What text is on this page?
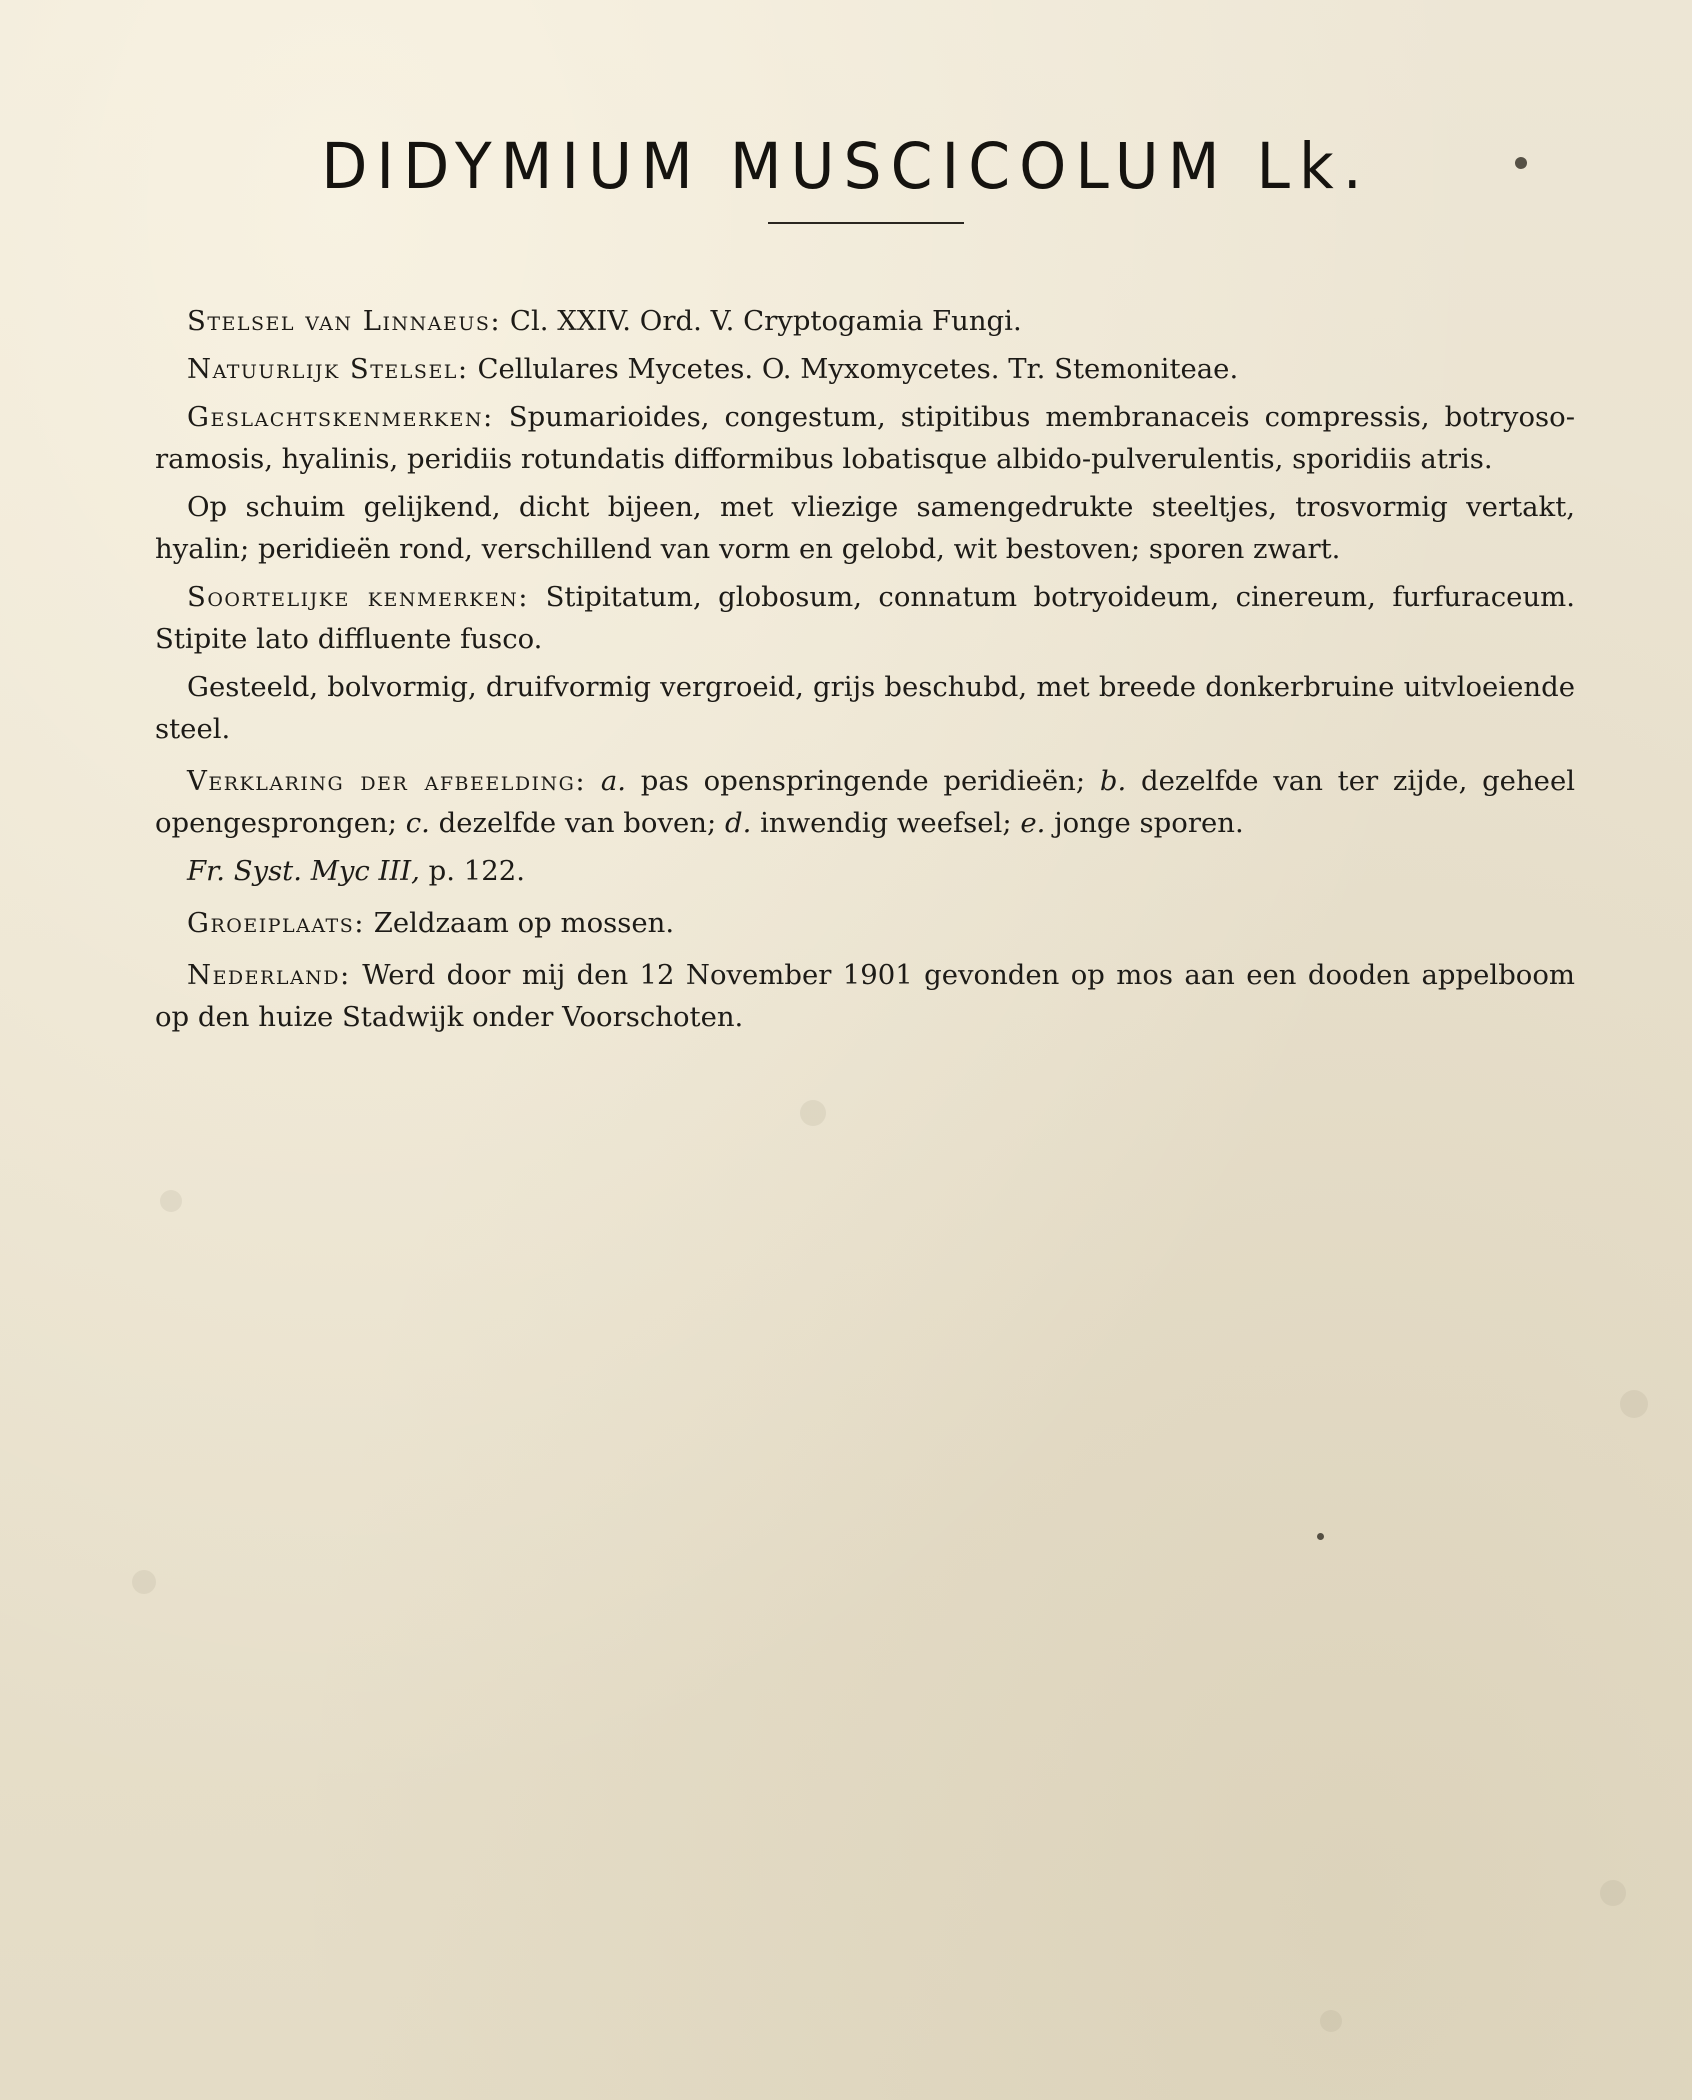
DIDYMIUM MUSCICOLUM Lk.

Stelsel van Linnaeus: Cl. XXIV. Ord. V. Cryptogamia Fungi.

Natuurlijk Stelsel: Cellulares Mycetes. O. Myxomycetes. Tr. Stemoniteae.

Geslachtskenmerken: Spumarioides, congestum, stipitibus membranaceis compressis, botryoso-ramosis, hyalinis, peridiis rotundatis difformibus lobatisque albido-pulverulentis, sporidiis atris.

Op schuim gelijkend, dicht bijeen, met vliezige samengedrukte steeltjes, trosvormig vertakt, hyalin; peridieën rond, verschillend van vorm en gelobd, wit bestoven; sporen zwart.

Soortelijke kenmerken: Stipitatum, globosum, connatum botryoideum, cinereum, furfuraceum. Stipite lato diffluente fusco.

Gesteeld, bolvormig, druifvormig vergroeid, grijs beschubd, met breede donkerbruine uitvloeiende steel.

Verklaring der afbeelding: a. pas openspringende peridieën; b. dezelfde van ter zijde, geheel opengesprongen; c. dezelfde van boven; d. inwendig weefsel; e. jonge sporen.

Fr. Syst. Myc III, p. 122.

Groeiplaats: Zeldzaam op mossen.

Nederland: Werd door mij den 12 November 1901 gevonden op mos aan een dooden appelboom op den huize Stadwijk onder Voorschoten.
